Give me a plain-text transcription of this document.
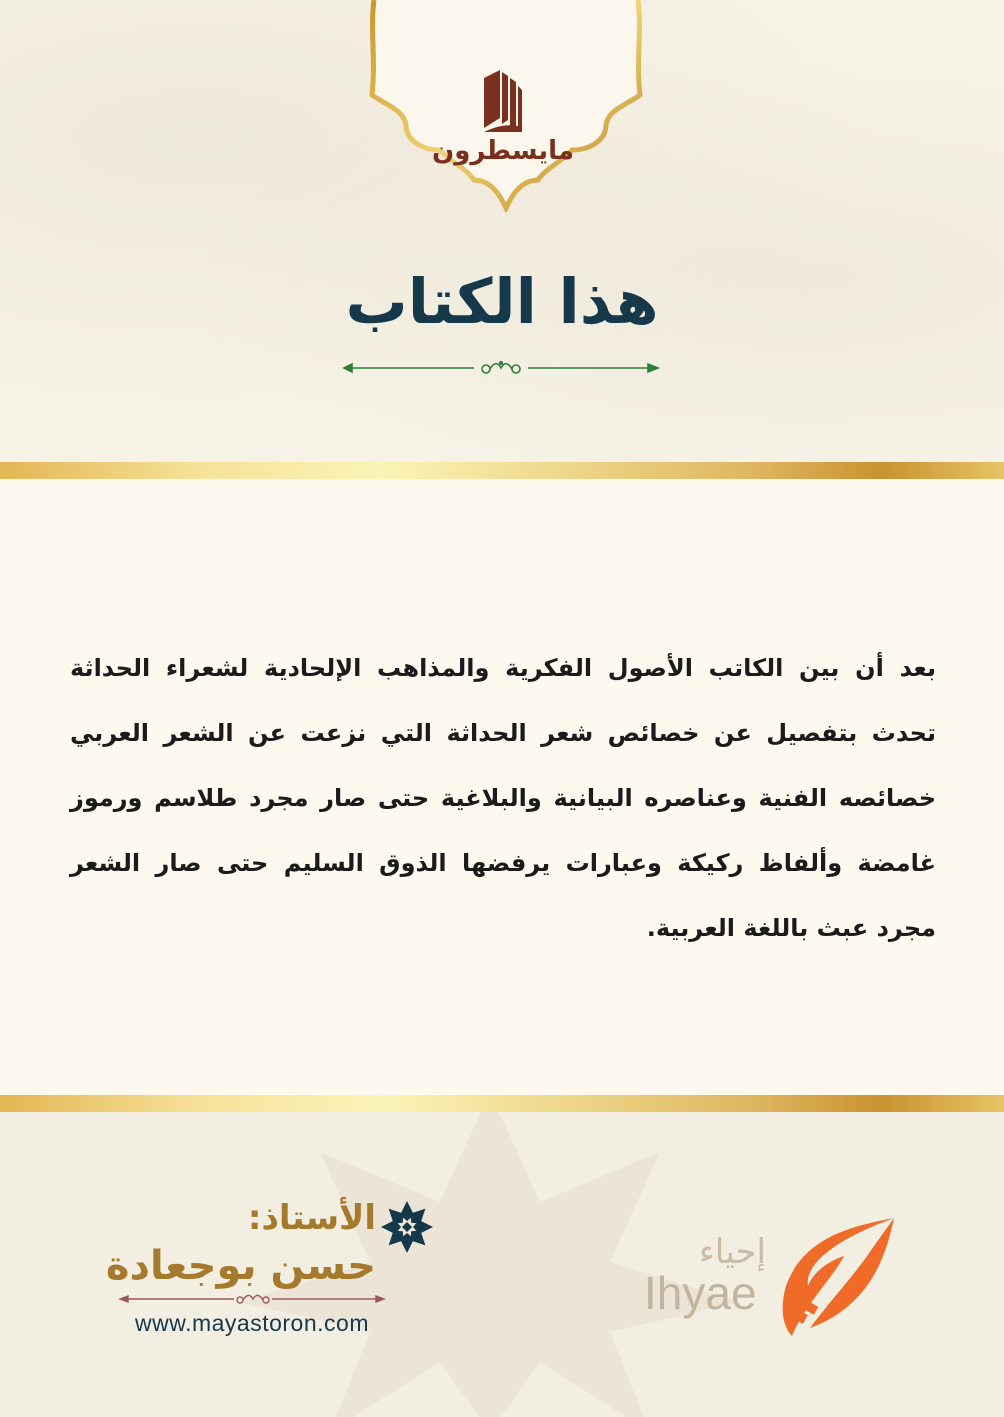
مايسطرون
هذا الكتاب
بعد أن بين الكاتب الأصول الفكرية والمذاهب الإلحادية لشعراء الحداثة تحدث بتفصيل عن خصائص شعر الحداثة التي نزعت عن الشعر العربي خصائصه الفنية وعناصره البيانية والبلاغية حتى صار مجرد طلاسم ورموز غامضة وألفاظ ركيكة وعبارات يرفضها الذوق السليم حتى صار الشعر مجرد عبث باللغة العربية.
الأستاذ:
حسن بوجعادة
www.mayastoron.com
إحياء
Ihyae
